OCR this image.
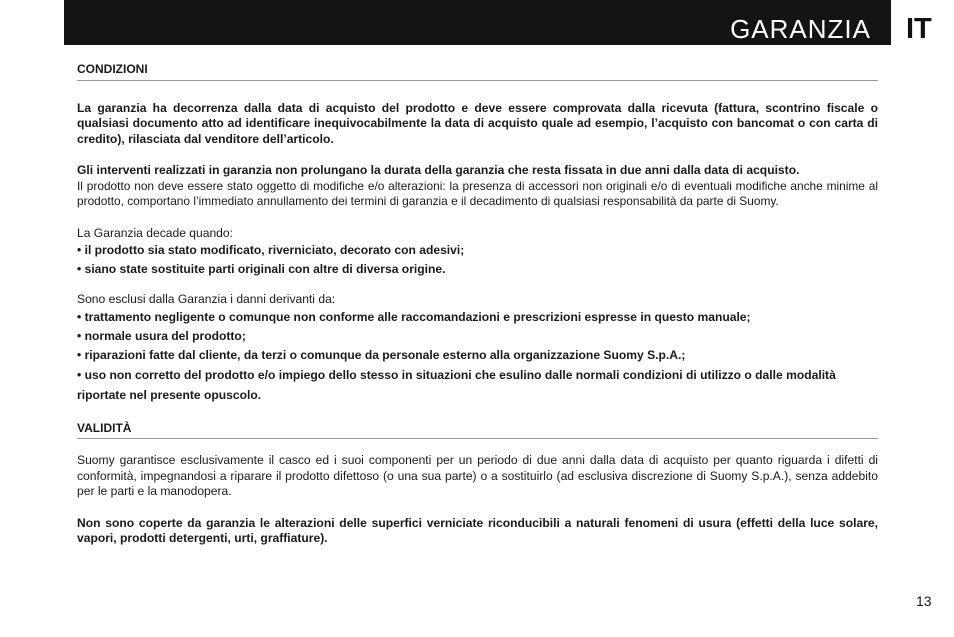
GARANZIA IT
CONDIZIONI

La garanzia ha decorrenza dalla data di acquisto del prodotto e deve essere comprovata dalla ricevuta (fattura, scontrino fiscale o qualsiasi documento atto ad identificare inequivocabilmente la data di acquisto quale ad esempio, l’acquisto con bancomat o con carta di credito), rilasciata dal venditore dell’articolo.

Gli interventi realizzati in garanzia non prolungano la durata della garanzia che resta fissata in due anni dalla data di acquisto.

Il prodotto non deve essere stato oggetto di modifiche e/o alterazioni: la presenza di accessori non originali e/o di eventuali modifiche anche minime al prodotto, comportano l’immediato annullamento dei termini di garanzia e il decadimento di qualsiasi responsabilità da parte di Suomy.

La Garanzia decade quando:

• il prodotto sia stato modificato, riverniciato, decorato con adesivi;
• siano state sostituite parti originali con altre di diversa origine.

Sono esclusi dalla Garanzia i danni derivanti da:

• trattamento negligente o comunque non conforme alle raccomandazioni e prescrizioni espresse in questo manuale;
• normale usura del prodotto;
• riparazioni fatte dal cliente, da terzi o comunque da personale esterno alla organizzazione Suomy S.p.A.;
• uso non corretto del prodotto e/o impiego dello stesso in situazioni che esulino dalle normali condizioni di utilizzo o dalle modalità riportate nel presente opuscolo.
VALIDITÀ

Suomy garantisce esclusivamente il casco ed i suoi componenti per un periodo di due anni dalla data di acquisto per quanto riguarda i difetti di conformità, impegnandosi a riparare il prodotto difettoso (o una sua parte) o a sostituirlo (ad esclusiva discrezione di Suomy S.p.A.), senza addebito per le parti e la manodopera.

Non sono coperte da garanzia le alterazioni delle superfici verniciate riconducibili a naturali fenomeni di usura (effetti della luce solare, vapori, prodotti detergenti, urti, graffiature).

13
